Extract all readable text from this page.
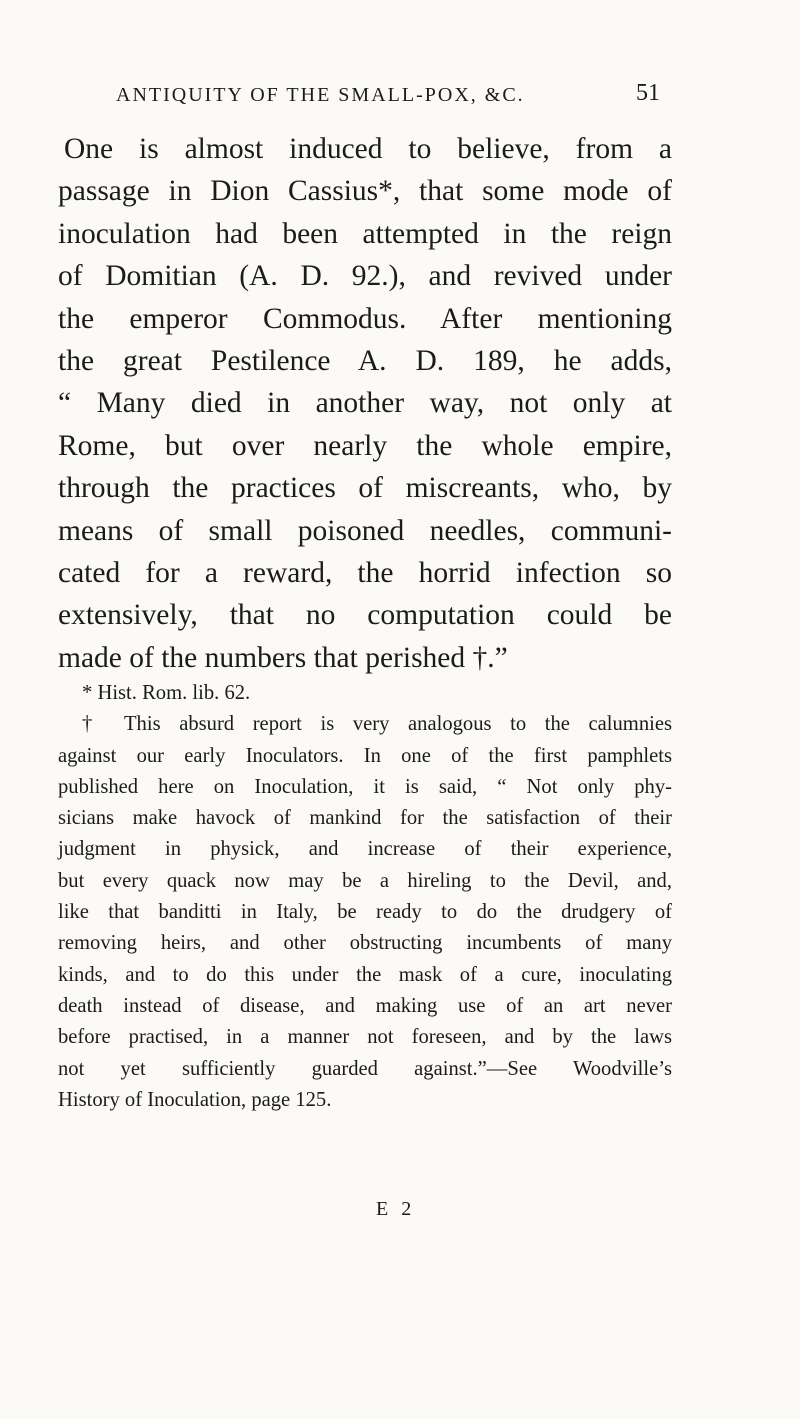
ANTIQUITY OF THE SMALL-POX, &C.	51
One is almost induced to believe, from a
passage in Dion Cassius*, that some mode of
inoculation had been attempted in the reign
of Domitian (A. D. 92.), and revived under
the emperor Commodus. After mentioning
the great Pestilence A. D. 189, he adds,
“ Many died in another way, not only at
Rome, but over nearly the whole empire,
through the practices of miscreants, who, by
means of small poisoned needles, communi-
cated for a reward, the horrid infection so
extensively, that no computation could be
made of the numbers that perished †.”
* Hist. Rom. lib. 62.
† This absurd report is very analogous to the calumnies
against our early Inoculators. In one of the first pamphlets
published here on Inoculation, it is said, “ Not only phy-
sicians make havock of mankind for the satisfaction of their
judgment in physick, and increase of their experience,
but every quack now may be a hireling to the Devil, and,
like that banditti in Italy, be ready to do the drudgery of
removing heirs, and other obstructing incumbents of many
kinds, and to do this under the mask of a cure, inoculating
death instead of disease, and making use of an art never
before practised, in a manner not foreseen, and by the laws
not yet sufficiently guarded against.”—See Woodville’s
History of Inoculation, page 125.
E 2
